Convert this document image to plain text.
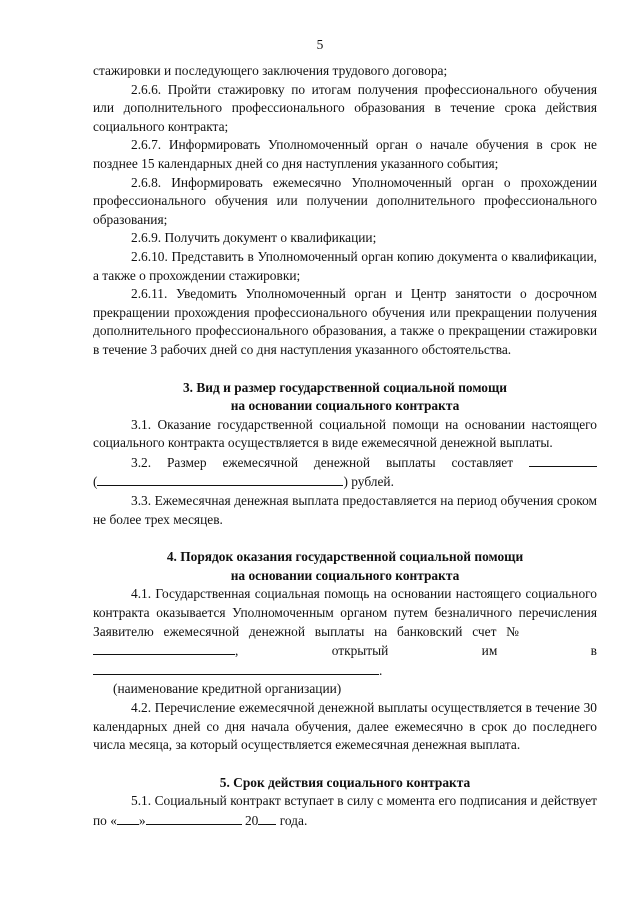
5

стажировки и последующего заключения трудового договора;

2.6.6. Пройти стажировку по итогам получения профессионального обучения или дополнительного профессионального образования в течение срока действия социального контракта;

2.6.7. Информировать Уполномоченный орган о начале обучения в срок не позднее 15 календарных дней со дня наступления указанного события;

2.6.8. Информировать ежемесячно Уполномоченный орган о прохождении профессионального обучения или получении дополнительного профессионального образования;

2.6.9. Получить документ о квалификации;

2.6.10. Представить в Уполномоченный орган копию документа о квалификации, а также о прохождении стажировки;

2.6.11. Уведомить Уполномоченный орган и Центр занятости о досрочном прекращении прохождения профессионального обучения или прекращении получения дополнительного профессионального образования, а также о прекращении стажировки в течение 3 рабочих дней со дня наступления указанного обстоятельства.

3. Вид и размер государственной социальной помощи
на основании социального контракта

3.1. Оказание государственной социальной помощи на основании настоящего социального контракта осуществляется в виде ежемесячной денежной выплаты.

3.2. Размер ежемесячной денежной выплаты составляет

(	) рублей.

3.3. Ежемесячная денежная выплата предоставляется на период обучения сроком не более трех месяцев.

4. Порядок оказания государственной социальной помощи
на основании социального контракта

4.1. Государственная социальная помощь на основании настоящего социального контракта оказывается Уполномоченным органом путем безналичного перечисления Заявителю ежемесячной денежной выплаты на банковский счет №        , открытый им в

.

(наименование кредитной организации)

4.2. Перечисление ежемесячной денежной выплаты осуществляется в течение 30 календарных дней со дня начала обучения, далее ежемесячно в срок до последнего числа месяца, за который осуществляется ежемесячная денежная выплата.

5. Срок действия социального контракта

5.1. Социальный контракт вступает в силу с момента его подписания и действует по « »	20 года.
